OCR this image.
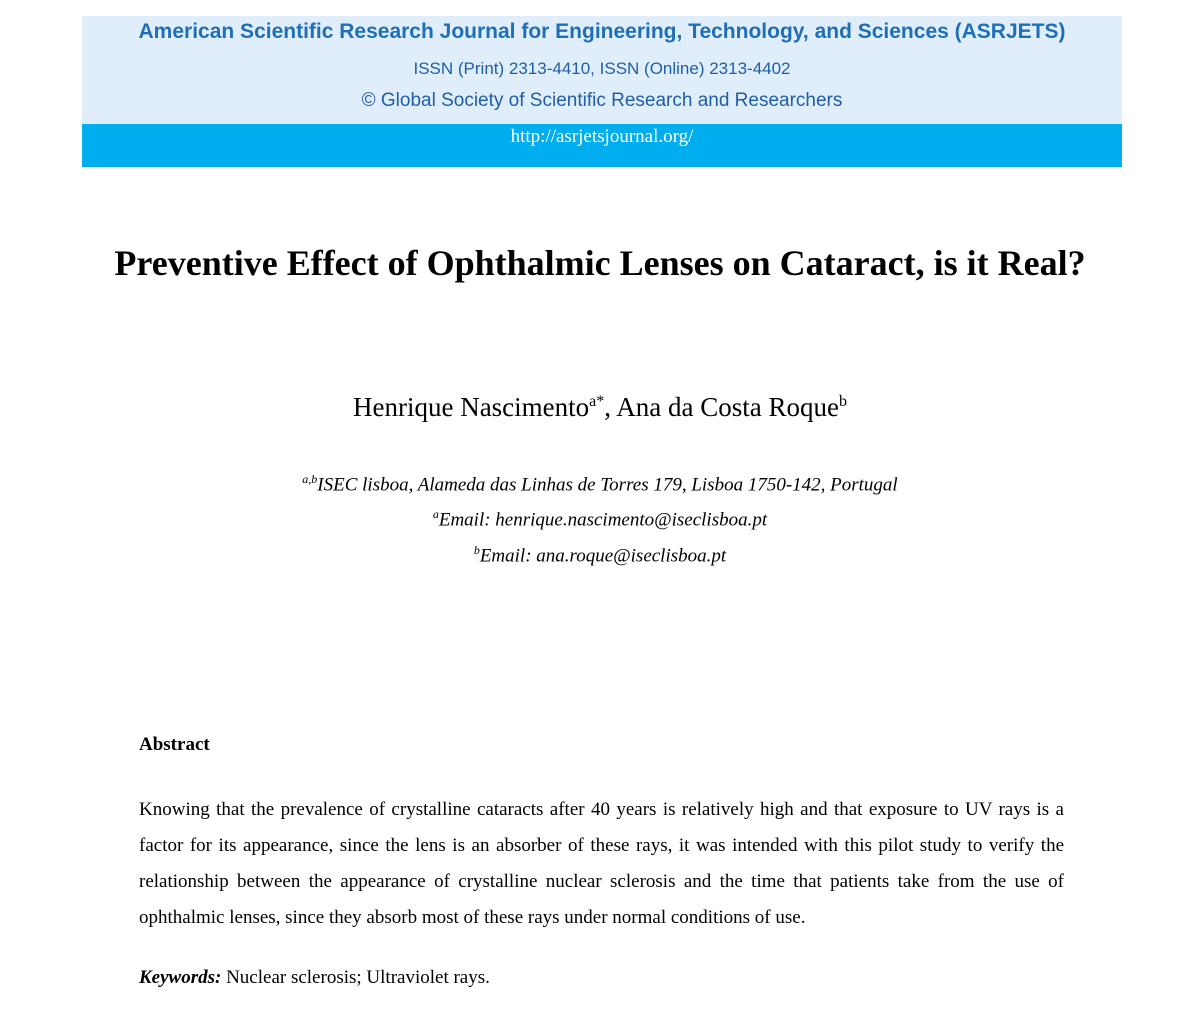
American Scientific Research Journal for Engineering, Technology, and Sciences (ASRJETS)
ISSN (Print) 2313-4410, ISSN (Online) 2313-4402
© Global Society of Scientific Research and Researchers
http://asrjetsjournal.org/
Preventive Effect of Ophthalmic Lenses on Cataract, is it Real?
Henrique Nascimento$^{a*}$, Ana da Costa Roque$^b$
$^{a,b}$ISEC lisboa, Alameda das Linhas de Torres 179, Lisboa 1750-142, Portugal
$^a$Email: henrique.nascimento@iseclisboa.pt
$^b$Email: ana.roque@iseclisboa.pt
Abstract
Knowing that the prevalence of crystalline cataracts after 40 years is relatively high and that exposure to UV rays is a factor for its appearance, since the lens is an absorber of these rays, it was intended with this pilot study to verify the relationship between the appearance of crystalline nuclear sclerosis and the time that patients take from the use of ophthalmic lenses, since they absorb most of these rays under normal conditions of use.
Keywords: Nuclear sclerosis; Ultraviolet rays.
